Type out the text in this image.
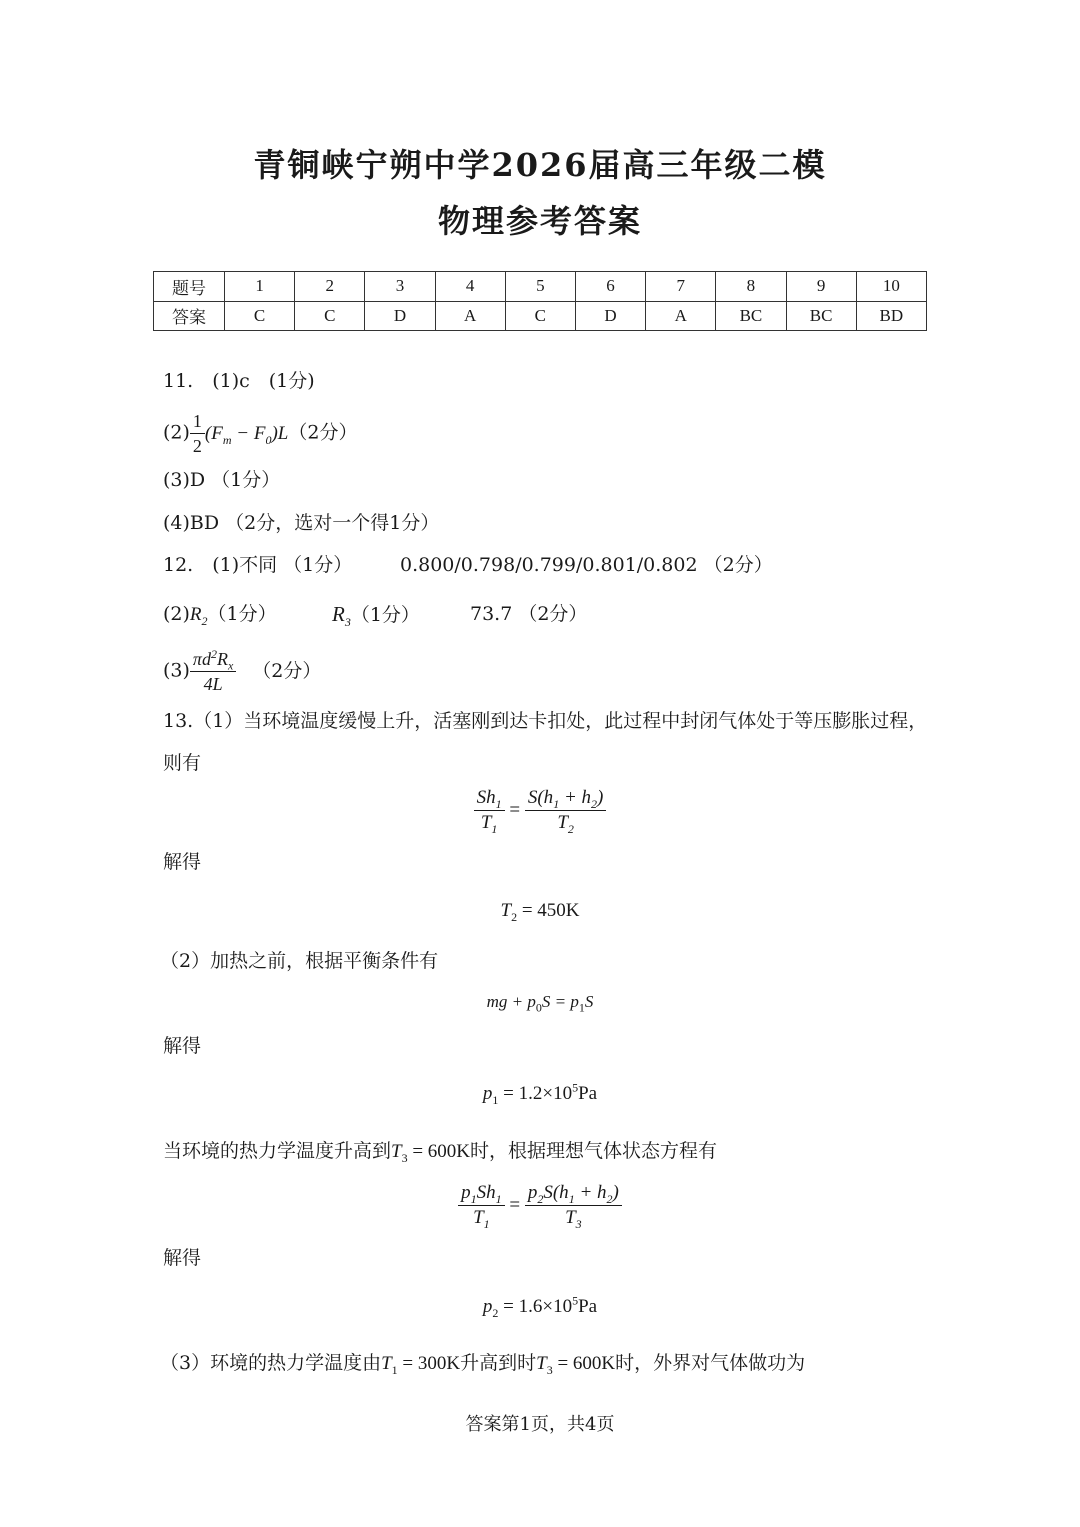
青铜峡宁朔中学2026届高三年级二模
物理参考答案
题号	1	2	3	4	5	6	7	8	9	10
答案	C	C	D	A	C	D	A	BC	BC	BD
11.　(1)c　(1分)
$(2) \frac{1}{2} (F_m - F_0)L(2$分）
(3)D （1分）
(4)BD （2分，选对一个得1分）
12.　(1)不同 （1分）	0.800/0.798/0.799/0.801/0.802 （2分）
$(2)R_2(1$分）	$R_3(1$分）	73.7 （2分）
$(3) \frac{\pi d^2R_x}{4L} (2$分）
13.（1）当环境温度缓慢上升，活塞刚到达卡扣处，此过程中封闭气体处于等压膨胀过程，
则有
$\frac{Sh_1}{T_1} = \frac{S(h_1 + h_2)}{T_2}$
解得
$T_2 = 450K$
（2）加热之前，根据平衡条件有
mg + $p_0S = p_1S$
解得
$p_1 = 1.2\times 10^5Pa$
当环境的热力学温度升高到$T_3 = 600K$时，根据理想气体状态方程有
$\frac{p_1Sh_1}{T_1} = \frac{p_2S(h_1 + h_2)}{T_3}$
解得
$p_2 = 1.6\times 10^5Pa$
（3）环境的热力学温度由$T_1 = 300K$升高到时$T_3 = 600K$时，外界对气体做功为
答案第1页，共4页
